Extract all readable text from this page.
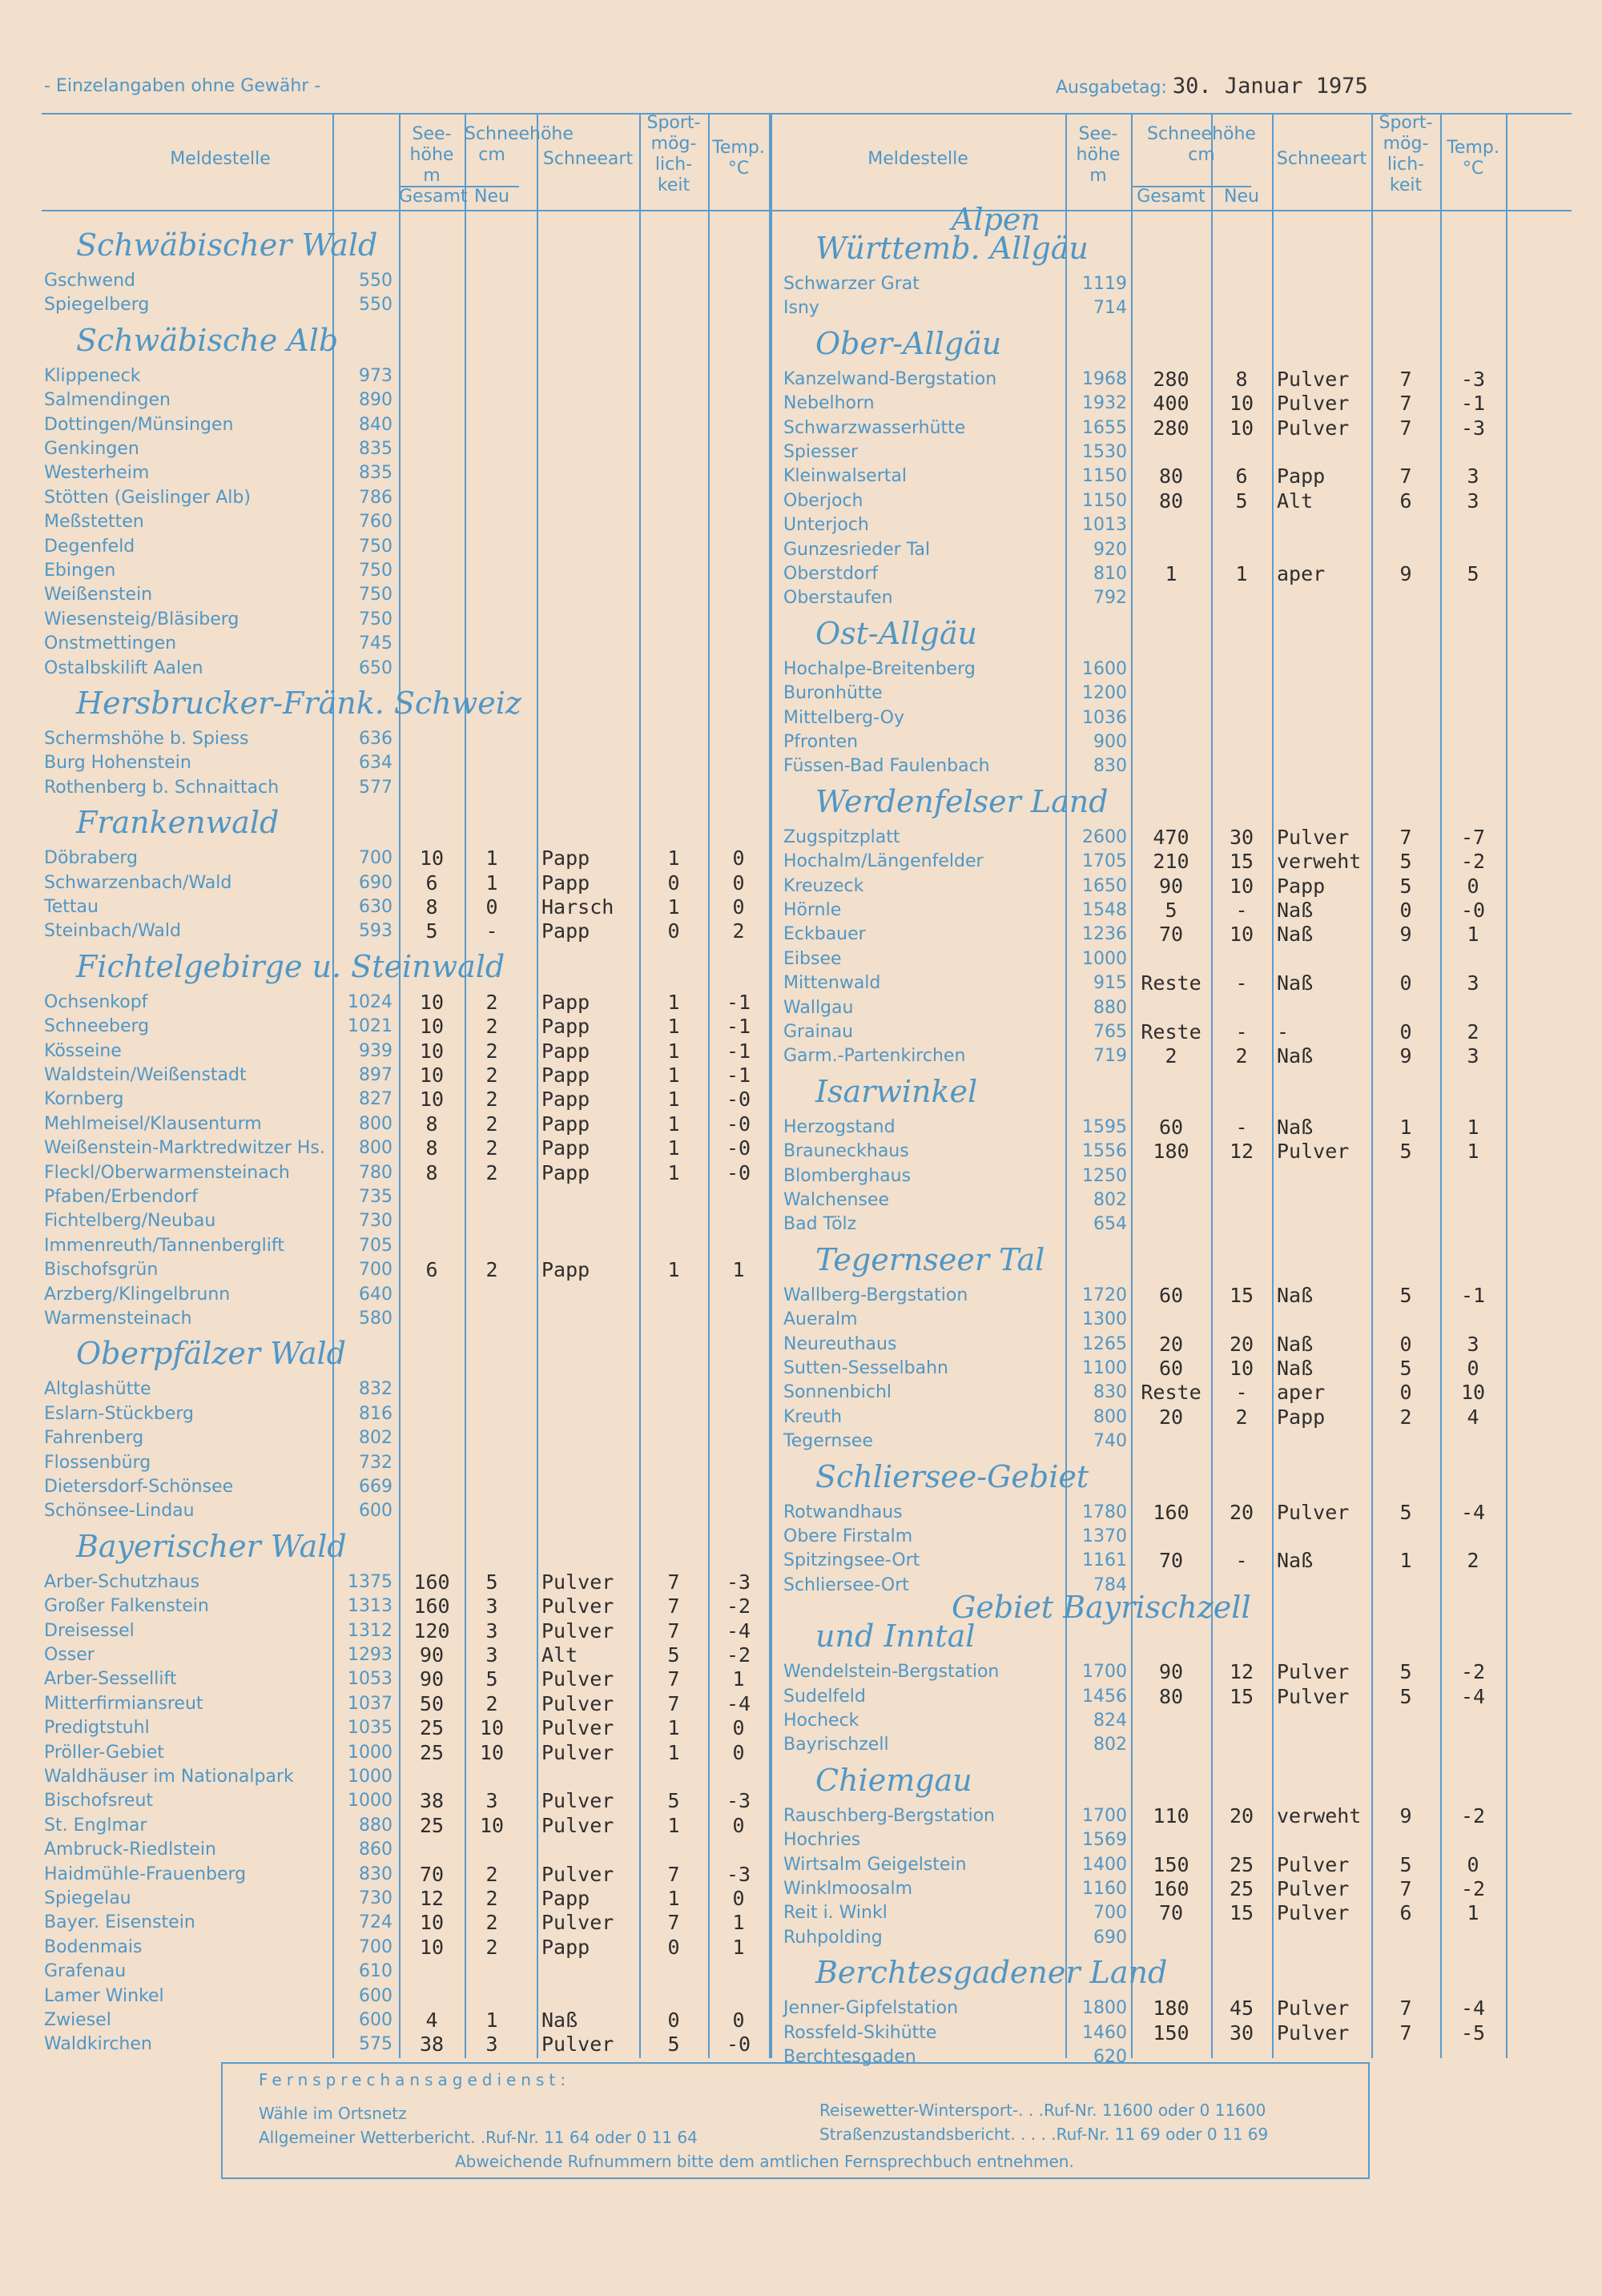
- Einzelangaben ohne Gewähr -	Ausgabetag: 30. Januar 1975
Meldestelle
See-
höhe
m
Schneehöhe
cm
Gesamt Neu
Schneeart
Sport-
mög-
lich-
keit
Temp.
°C	Meldestelle
See-
höhe
m
Schneehöhe
cm
Gesamt	Neu
Schneeart
Sport-
mög-
lich-
keit
Temp.
°C
Schwäbischer Wald
Gschwend	550
Spiegelberg	550
Schwäbische Alb
Klippeneck	973
Salmendingen	890
Dottingen/Münsingen	840
Genkingen	835
Westerheim	835
Stötten (Geislinger Alb)	786
Meßstetten	760
Degenfeld	750
Ebingen	750
Weißenstein	750
Wiesensteig/Bläsiberg	750
Onstmettingen	745
Ostalbskilift Aalen	650
Hersbrucker-Fränk. Schweiz
Schermshöhe b. Spiess	636
Burg Hohenstein	634
Rothenberg b. Schnaittach	577
Frankenwald
Döbraberg	700	10	1	Papp	1	0
Schwarzenbach/Wald	690	6	1	Papp	0	0
Tettau	630	8	0	Harsch	1	0
Steinbach/Wald	593	5	-	Papp	0	2
Fichtelgebirge u. Steinwald
Ochsenkopf	1024	10	2	Papp	1	-1
Schneeberg	1021	10	2	Papp	1	-1
Kösseine	939	10	2	Papp	1	-1
Waldstein/Weißenstadt	897	10	2	Papp	1	-1
Kornberg	827	10	2	Papp	1	-0
Mehlmeisel/Klausenturm	800	8	2	Papp	1	-0
Weißenstein-Marktredwitzer Hs.	800	8	2	Papp	1	-0
Fleckl/Oberwarmensteinach	780	8	2	Papp	1	-0
Pfaben/Erbendorf	735
Fichtelberg/Neubau	730
Immenreuth/Tannenberglift	705
Bischofsgrün	700	6	2	Papp	1	1
Arzberg/Klingelbrunn	640
Warmensteinach	580
Oberpfälzer Wald
Altglashütte	832
Eslarn-Stückberg	816
Fahrenberg	802
Flossenbürg	732
Dietersdorf-Schönsee	669
Schönsee-Lindau	600
Bayerischer Wald
Arber-Schutzhaus	1375	160	5	Pulver	7	-3
Großer Falkenstein	1313	160	3	Pulver	7	-2
Dreisessel	1312	120	3	Pulver	7	-4
Osser	1293	90	3	Alt	5	-2
Arber-Sessellift	1053	90	5	Pulver	7	1
Mitterfirmiansreut	1037	50	2	Pulver	7	-4
Predigtstuhl	1035	25	10	Pulver	1	0
Pröller-Gebiet	1000	25	10	Pulver	1	0
Waldhäuser im Nationalpark	1000
Bischofsreut	1000	38	3	Pulver	5	-3
St. Englmar	880	25	10	Pulver	1	0
Ambruck-Riedlstein	860
Haidmühle-Frauenberg	830	70	2	Pulver	7	-3
Spiegelau	730	12	2	Papp	1	0
Bayer. Eisenstein	724	10	2	Pulver	7	1
Bodenmais	700	10	2	Papp	0	1
Grafenau	610
Lamer Winkel	600
Zwiesel	600	4	1	Naß	0	0
Waldkirchen	575	38	3	Pulver	5	-0
Württemb. Allgäu
Alpen
Schwarzer Grat	1119
Isny	714
Ober-Allgäu
Kanzelwand-Bergstation	1968	280	8	Pulver	7	-3
Nebelhorn	1932	400	10	Pulver	7	-1
Schwarzwasserhütte	1655	280	10	Pulver	7	-3
Spiesser	1530
Kleinwalsertal	1150	80	6	Papp	7	3
Oberjoch	1150	80	5	Alt	6	3
Unterjoch	1013
Gunzesrieder Tal	920
Oberstdorf	810	1	1	aper	9	5
Oberstaufen	792
Ost-Allgäu
Hochalpe-Breitenberg	1600
Buronhütte	1200
Mittelberg-Oy	1036
Pfronten	900
Füssen-Bad Faulenbach	830
Werdenfelser Land
Zugspitzplatt	2600	470	30	Pulver	7	-7
Hochalm/Längenfelder	1705	210	15	verweht	5	-2
Kreuzeck	1650	90	10	Papp	5	0
Hörnle	1548	5	-	Naß	0	-0
Eckbauer	1236	70	10	Naß	9	1
Eibsee	1000
Mittenwald	915 Reste	-	Naß	0	3
Wallgau	880
Grainau	765 Reste	-	-	0	2
Garm.-Partenkirchen	719	2	2	Naß	9	3
Isarwinkel
Herzogstand	1595	60	-	Naß	1	1
Brauneckhaus	1556	180	12	Pulver	5	1
Blomberghaus	1250
Walchensee	802
Bad Tölz	654
Tegernseer Tal
Wallberg-Bergstation	1720	60	15	Naß	5	-1
Aueralm	1300
Neureuthaus	1265	20	20	Naß	0	3
Sutten-Sesselbahn	1100	60	10	Naß	5	0
Sonnenbichl	830 Reste	-	aper	0	10
Kreuth	800	20	2	Papp	2	4
Tegernsee	740
Schliersee-Gebiet
Rotwandhaus	1780	160	20	Pulver	5	-4
Obere Firstalm	1370
Spitzingsee-Ort	1161	70	-	Naß	1	2
Schliersee-Ort	784
und Inntal
Gebiet Bayrischzell
Wendelstein-Bergstation	1700	90	12	Pulver	5	-2
Sudelfeld	1456	80	15	Pulver	5	-4
Hocheck	824
Bayrischzell	802
Chiemgau
Rauschberg-Bergstation	1700	110	20	verweht	9	-2
Hochries	1569
Wirtsalm Geigelstein	1400	150	25	Pulver	5	0
Winklmoosalm	1160	160	25	Pulver	7	-2
Reit i. Winkl	700	70	15	Pulver	6	1
Ruhpolding	690
Berchtesgadener Land
Jenner-Gipfelstation	1800	180	45	Pulver	7	-4
Rossfeld-Skihütte	1460	150	30	Pulver	7	-5
Berchtesgaden	620
Fernsprechansagedienst:
Wähle im Ortsnetz
Allgemeiner Wetterbericht. .Ruf-Nr. 11 64 oder 0 11 64
Reisewetter-Wintersport-. . .Ruf-Nr. 11600 oder 0 11600
Straßenzustandsbericht. . . . .Ruf-Nr. 11 69 oder 0 11 69
Abweichende Rufnummern bitte dem amtlichen Fernsprechbuch entnehmen.
